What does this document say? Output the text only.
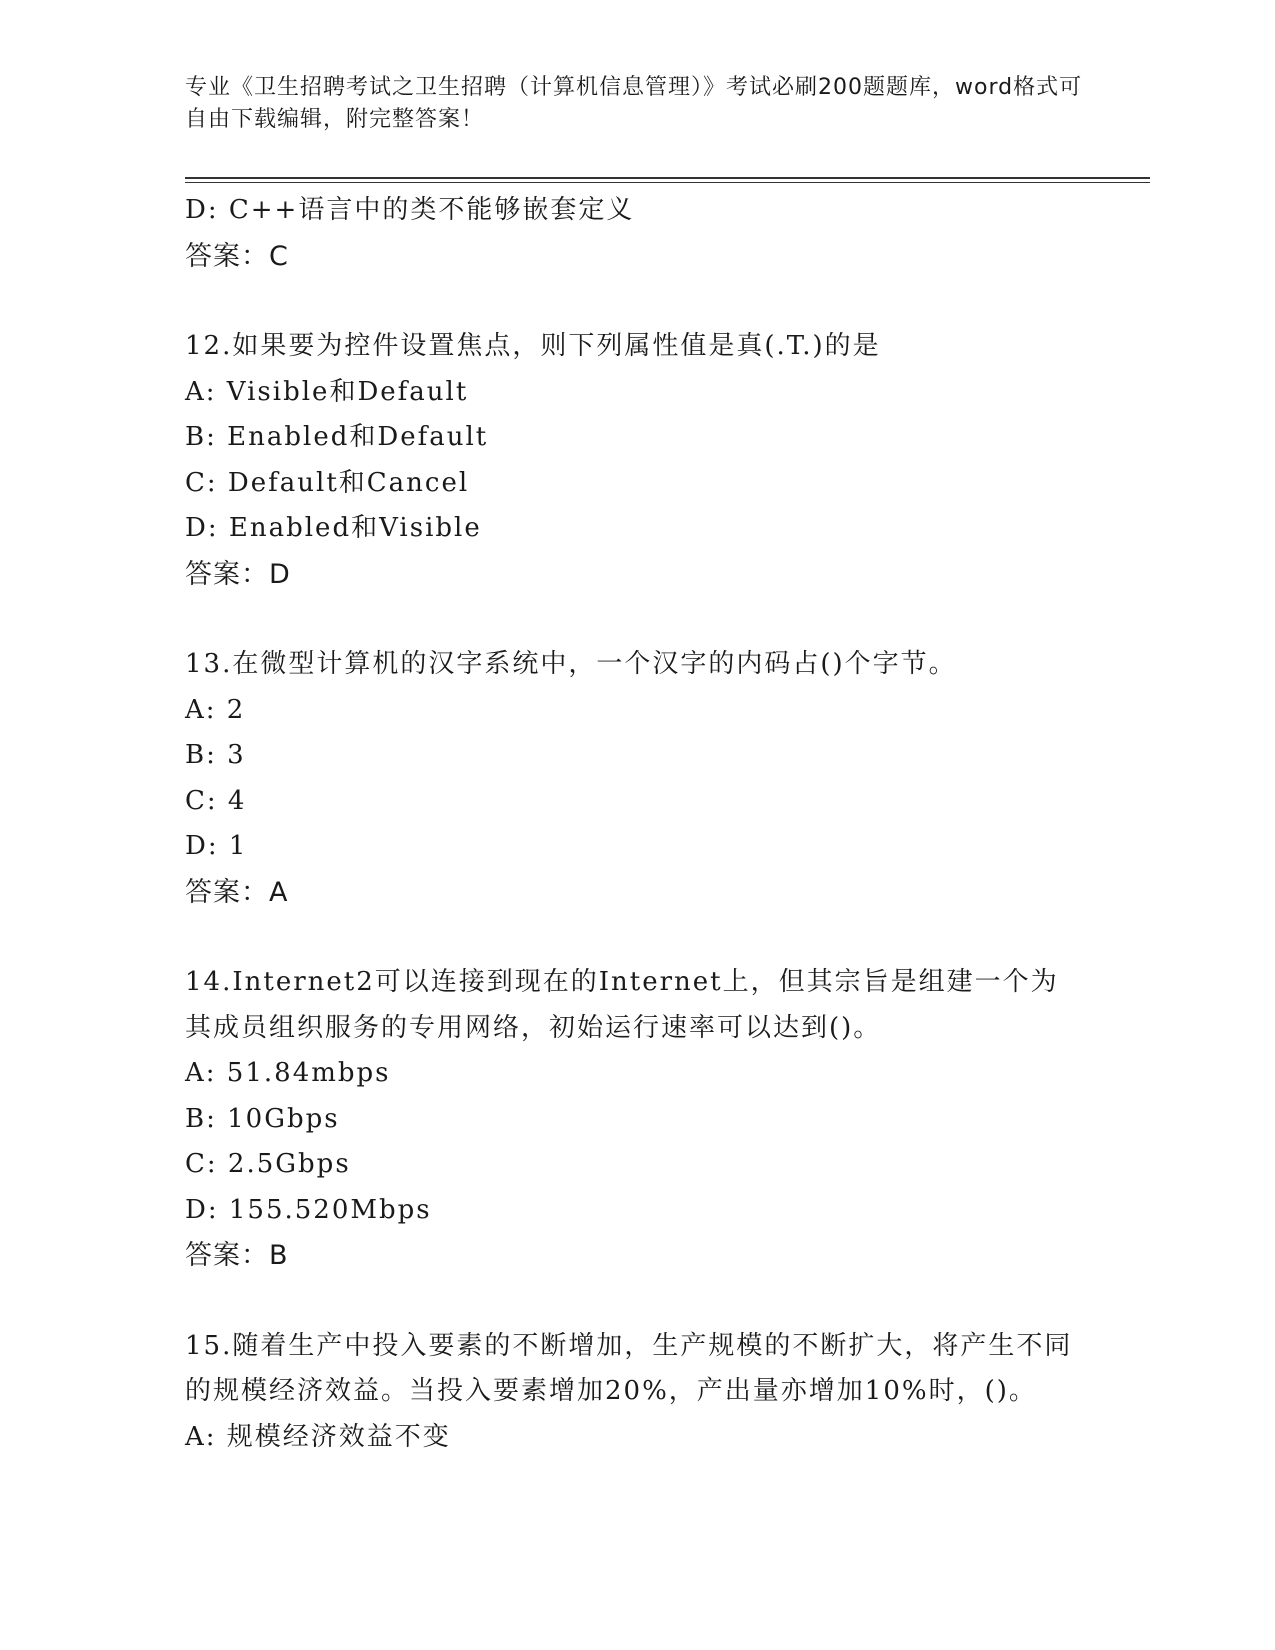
专业《卫生招聘考试之卫生招聘（计算机信息管理）》考试必刷200题题库，word格式可自由下载编辑，附完整答案！
D: C++语言中的类不能够嵌套定义
答案：C
12.如果要为控件设置焦点，则下列属性值是真(.T.)的是
A: Visible和Default
B: Enabled和Default
C: Default和Cancel
D: Enabled和Visible
答案：D
13.在微型计算机的汉字系统中，一个汉字的内码占()个字节。
A: 2
B: 3
C: 4
D: 1
答案：A
14.Internet2可以连接到现在的Internet上，但其宗旨是组建一个为其成员组织服务的专用网络，初始运行速率可以达到()。
A: 51.84mbps
B: 10Gbps
C: 2.5Gbps
D: 155.520Mbps
答案：B
15.随着生产中投入要素的不断增加，生产规模的不断扩大，将产生不同的规模经济效益。当投入要素增加20%，产出量亦增加10%时，()。
A: 规模经济效益不变
